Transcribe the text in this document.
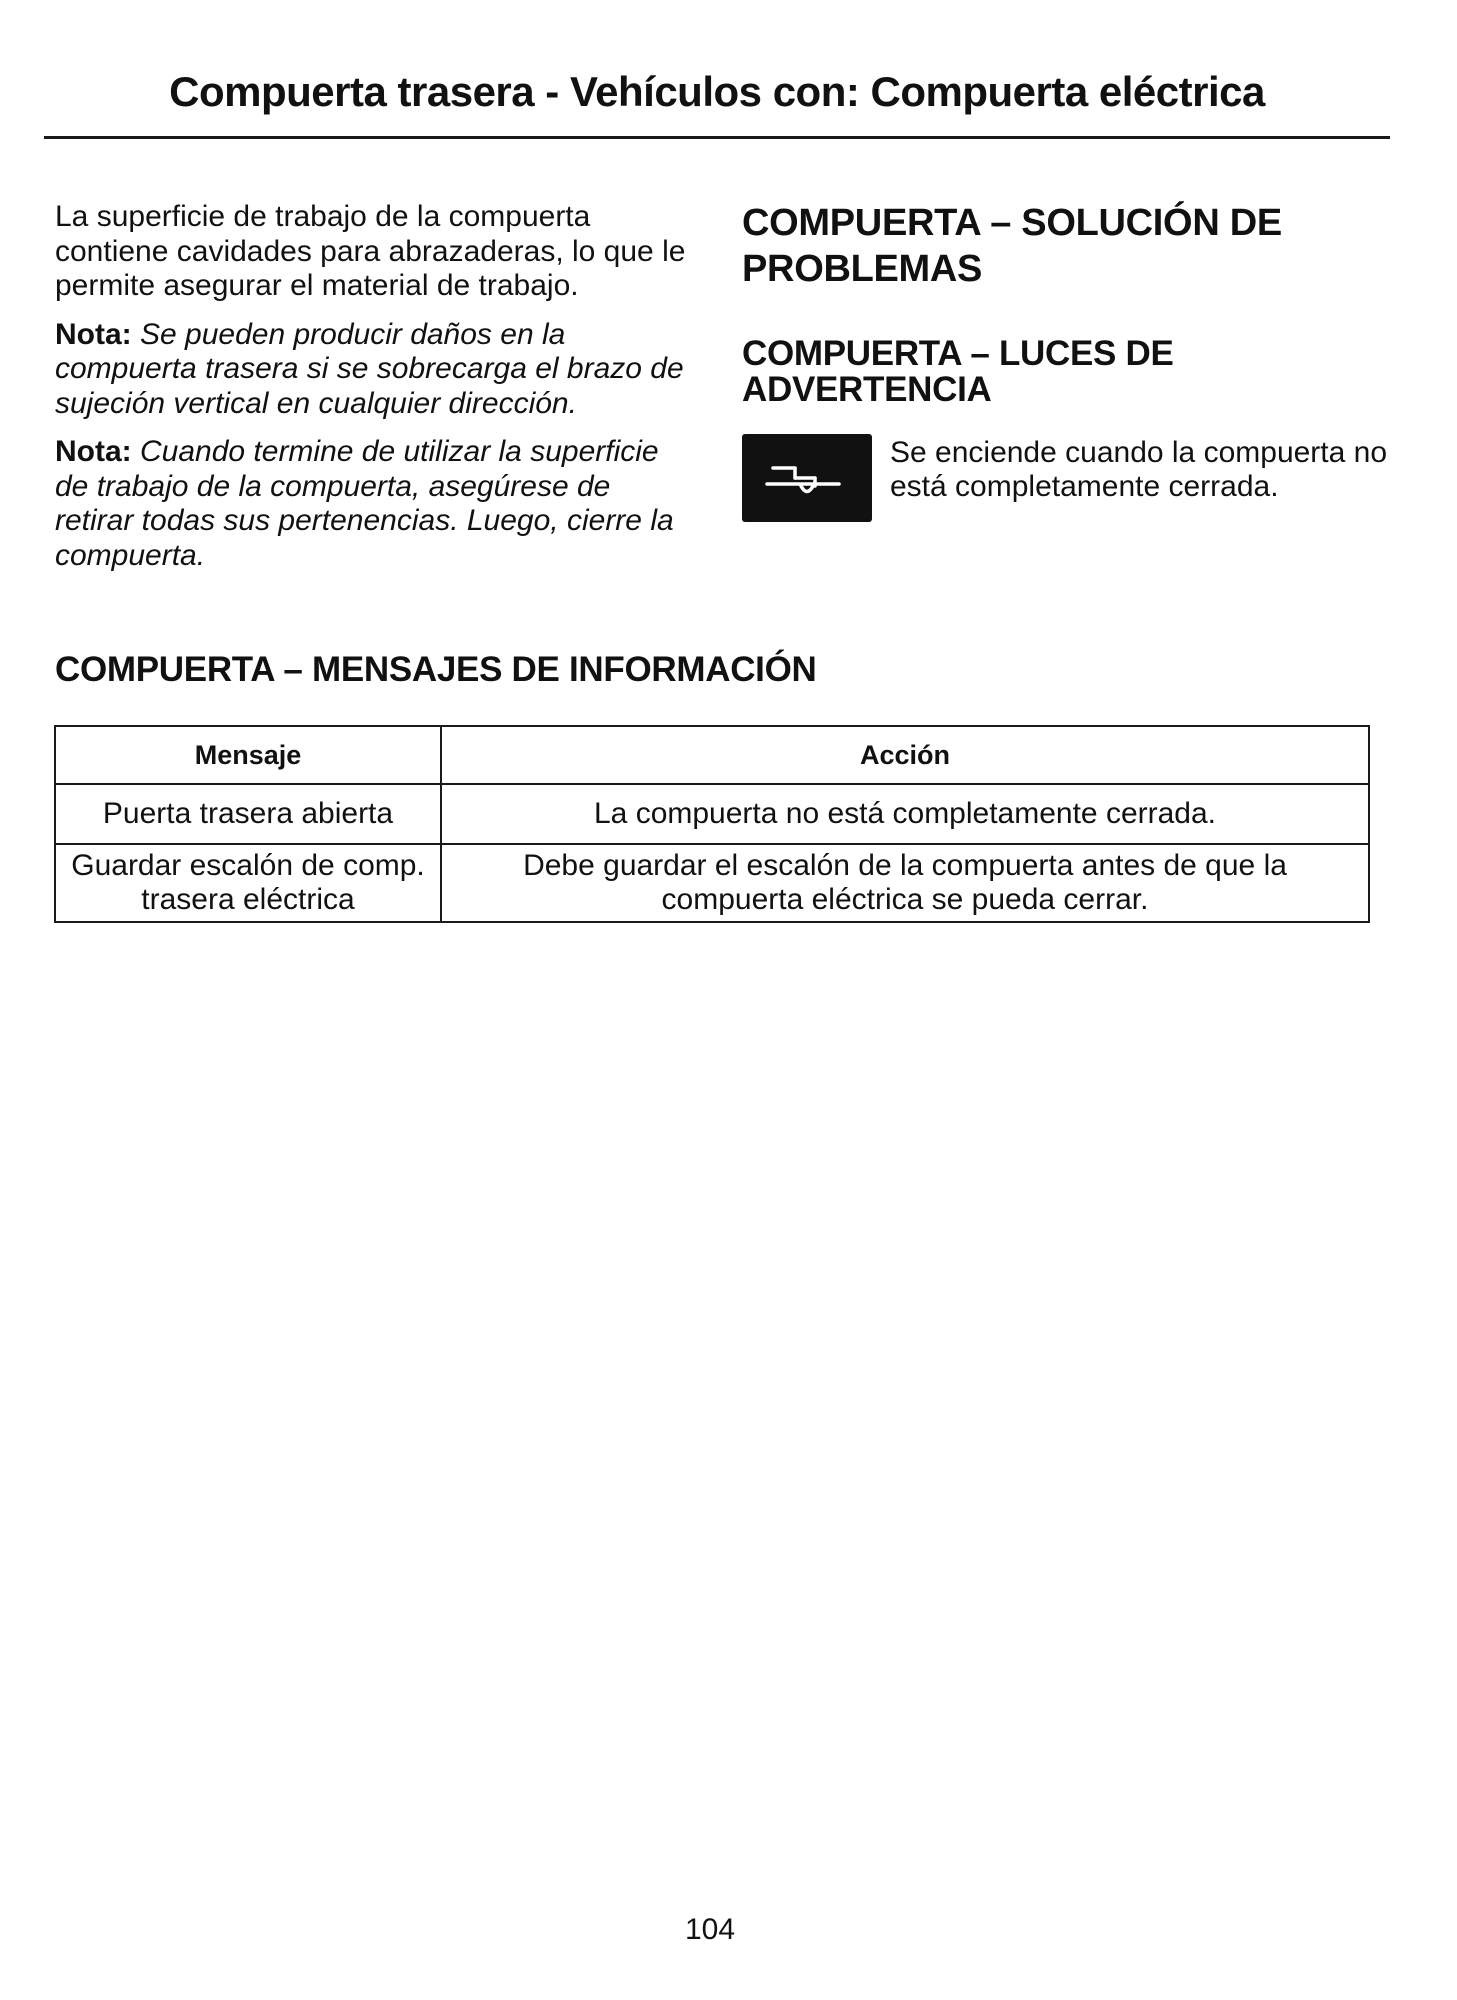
Compuerta trasera - Vehículos con: Compuerta eléctrica

La superficie de trabajo de la compuerta contiene cavidades para abrazaderas, lo que le permite asegurar el material de trabajo.

Nota: Se pueden producir daños en la compuerta trasera si se sobrecarga el brazo de sujeción vertical en cualquier dirección.

Nota: Cuando termine de utilizar la superficie de trabajo de la compuerta, asegúrese de retirar todas sus pertenencias. Luego, cierre la compuerta.

COMPUERTA – SOLUCIÓN DE PROBLEMAS
COMPUERTA – LUCES DE ADVERTENCIA
Se enciende cuando la compuerta no está completamente cerrada.
COMPUERTA – MENSAJES DE INFORMACIÓN
Mensaje	Acción
Puerta trasera abierta	La compuerta no está completamente cerrada.
Guardar escalón de comp. trasera eléctrica	Debe guardar el escalón de la compuerta antes de que la compuerta eléctrica se pueda cerrar.
104
